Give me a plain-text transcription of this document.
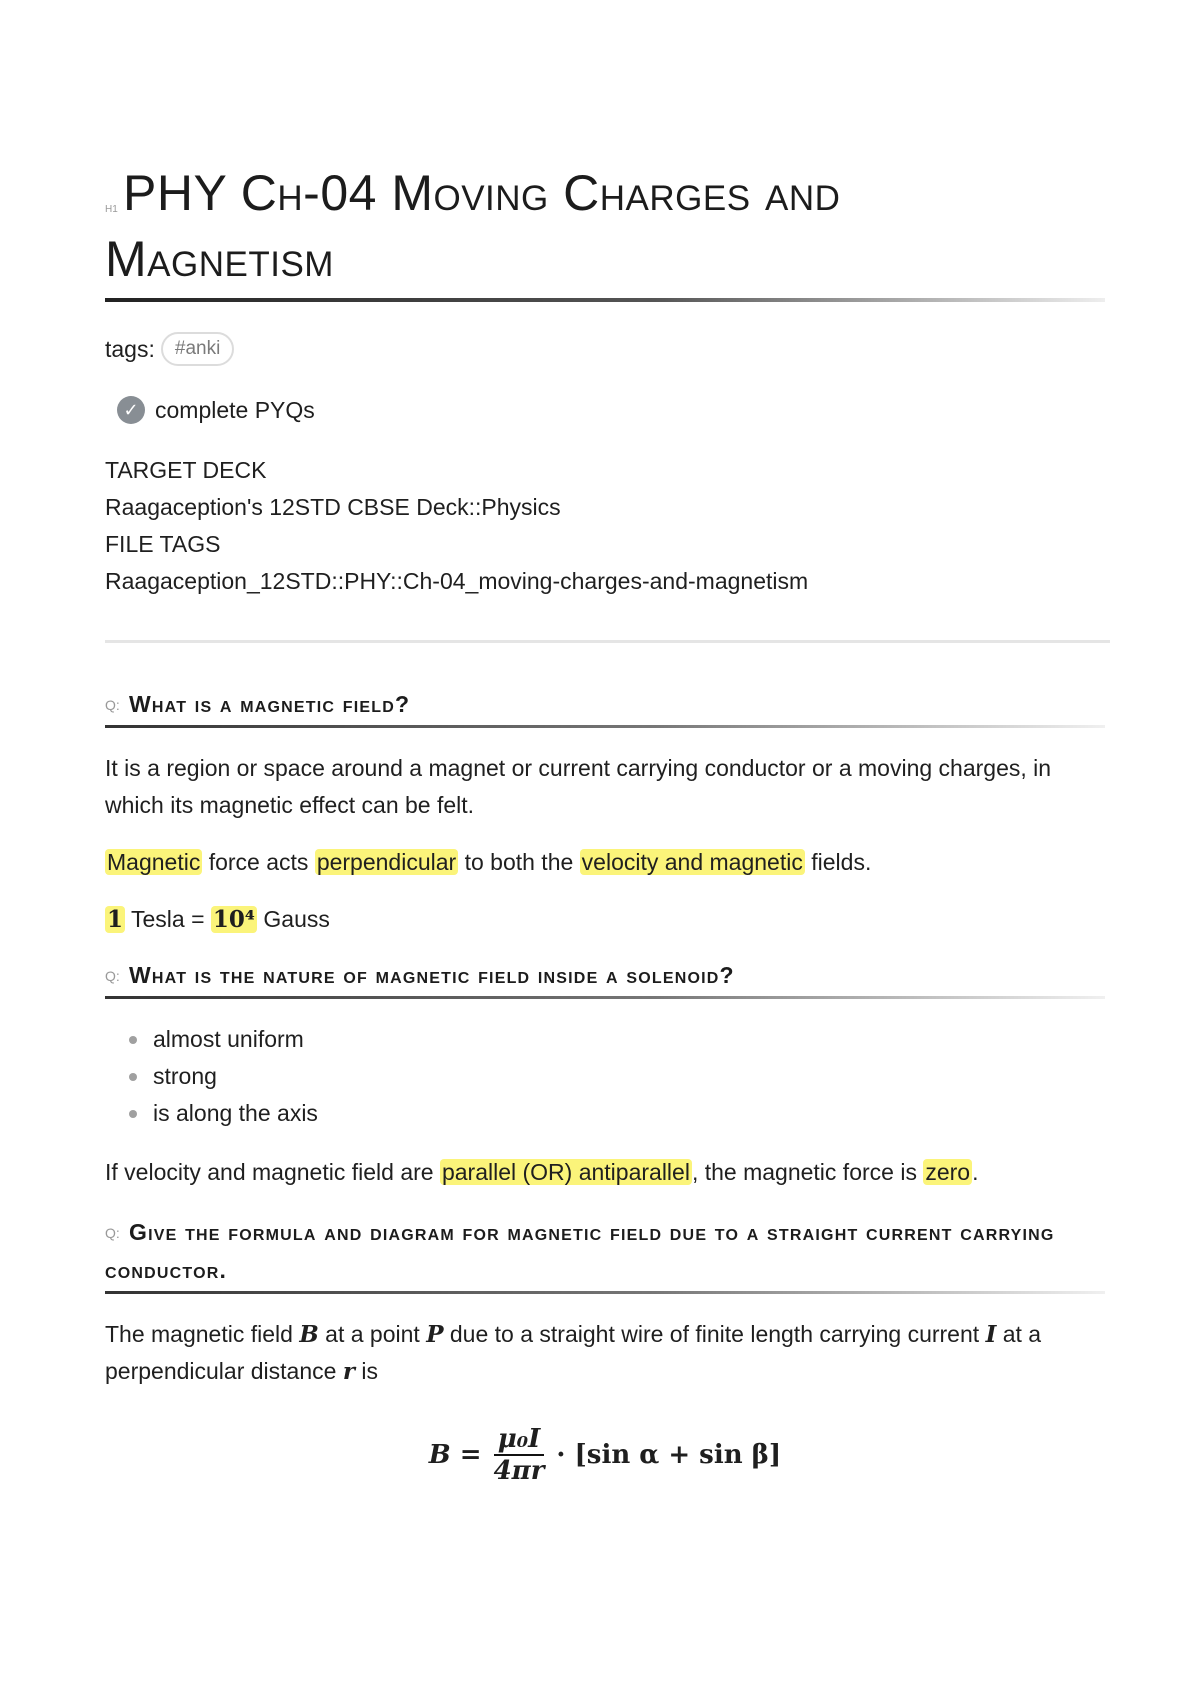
H1 PHY Ch-04 Moving Charges and
Magnetism
tags:	#anki
✓ complete PYQs
TARGET DECK
Raagaception's 12STD CBSE Deck::Physics
FILE TAGS
Raagaception_12STD::PHY::Ch-04_moving-charges-and-magnetism
Q: What is a magnetic field?

It is a region or space around a magnet or current carrying conductor or a moving charges, in which its magnetic effect can be felt.

Magnetic force acts perpendicular to both the velocity and magnetic fields.

1 Tesla = 10⁴ Gauss

Q: What is the nature of magnetic field inside a solenoid?
almost uniform
strong
is along the axis

If velocity and magnetic field are parallel (OR) antiparallel, the magnetic force is zero.

Q: Give the formula and diagram for magnetic field due to a straight current carrying conductor.

The magnetic field B at a point P due to a straight wire of finite length carrying current I at a perpendicular distance r is

$B = \frac{\text{μ₀I}}{4\pi r} \cdot [\sin$ α + sin β]
